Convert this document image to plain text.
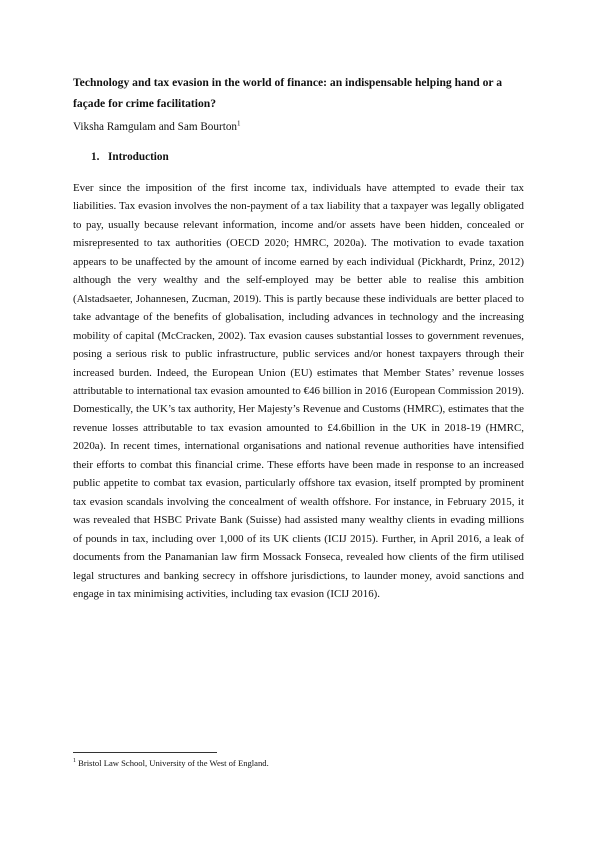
Technology and tax evasion in the world of finance: an indispensable helping hand or a façade for crime facilitation?

Viksha Ramgulam and Sam Bourton$^1$

1. Introduction

Ever since the imposition of the first income tax, individuals have attempted to evade their tax liabilities. Tax evasion involves the non-payment of a tax liability that a taxpayer was legally obligated to pay, usually because relevant information, income and/or assets have been hidden, concealed or misrepresented to tax authorities (OECD 2020; HMRC, 2020a). The motivation to evade taxation appears to be unaffected by the amount of income earned by each individual (Pickhardt, Prinz, 2012) although the very wealthy and the self-employed may be better able to realise this ambition (Alstadsaeter, Johannesen, Zucman, 2019). This is partly because these individuals are better placed to take advantage of the benefits of globalisation, including advances in technology and the increasing mobility of capital (McCracken, 2002). Tax evasion causes substantial losses to government revenues, posing a serious risk to public infrastructure, public services and/or honest taxpayers through their increased burden. Indeed, the European Union (EU) estimates that Member States’ revenue losses attributable to international tax evasion amounted to €46 billion in 2016 (European Commission 2019). Domestically, the UK’s tax authority, Her Majesty’s Revenue and Customs (HMRC), estimates that the revenue losses attributable to tax evasion amounted to £4.6billion in the UK in 2018-19 (HMRC, 2020a). In recent times, international organisations and national revenue authorities have intensified their efforts to combat this financial crime. These efforts have been made in response to an increased public appetite to combat tax evasion, particularly offshore tax evasion, itself prompted by prominent tax evasion scandals involving the concealment of wealth offshore. For instance, in February 2015, it was revealed that HSBC Private Bank (Suisse) had assisted many wealthy clients in evading millions of pounds in tax, including over 1,000 of its UK clients (ICIJ 2015). Further, in April 2016, a leak of documents from the Panamanian law firm Mossack Fonseca, revealed how clients of the firm utilised legal structures and banking secrecy in offshore jurisdictions, to launder money, avoid sanctions and engage in tax minimising activities, including tax evasion (ICIJ 2016).

$^1$ Bristol Law School, University of the West of England.
